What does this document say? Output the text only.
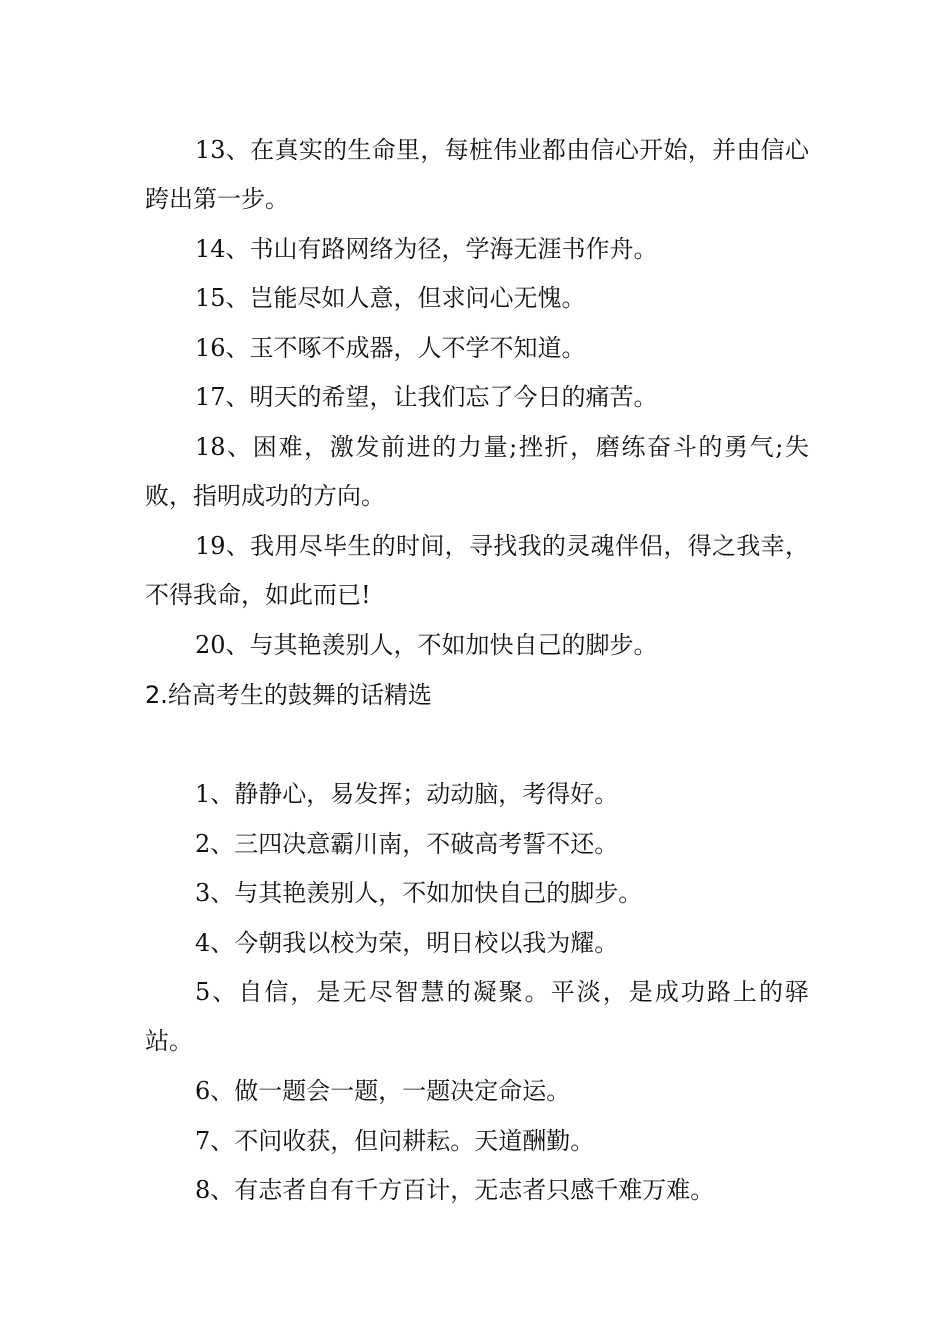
13、在真实的生命里，每桩伟业都由信心开始，并由信心跨出第一步。

14、书山有路网络为径，学海无涯书作舟。

15、岂能尽如人意，但求问心无愧。

16、玉不啄不成器，人不学不知道。

17、明天的希望，让我们忘了今日的痛苦。

18、困难，激发前进的力量;挫折，磨练奋斗的勇气;失败，指明成功的方向。

19、我用尽毕生的时间，寻找我的灵魂伴侣，得之我幸，不得我命，如此而已!

20、与其艳羡别人，不如加快自己的脚步。

2.给高考生的鼓舞的话精选

1、静静心，易发挥；动动脑，考得好。

2、三四决意霸川南，不破高考誓不还。

3、与其艳羡别人，不如加快自己的脚步。

4、今朝我以校为荣，明日校以我为耀。

5、自信，是无尽智慧的凝聚。平淡，是成功路上的驿站。

6、做一题会一题，一题决定命运。

7、不问收获，但问耕耘。天道酬勤。

8、有志者自有千方百计，无志者只感千难万难。
